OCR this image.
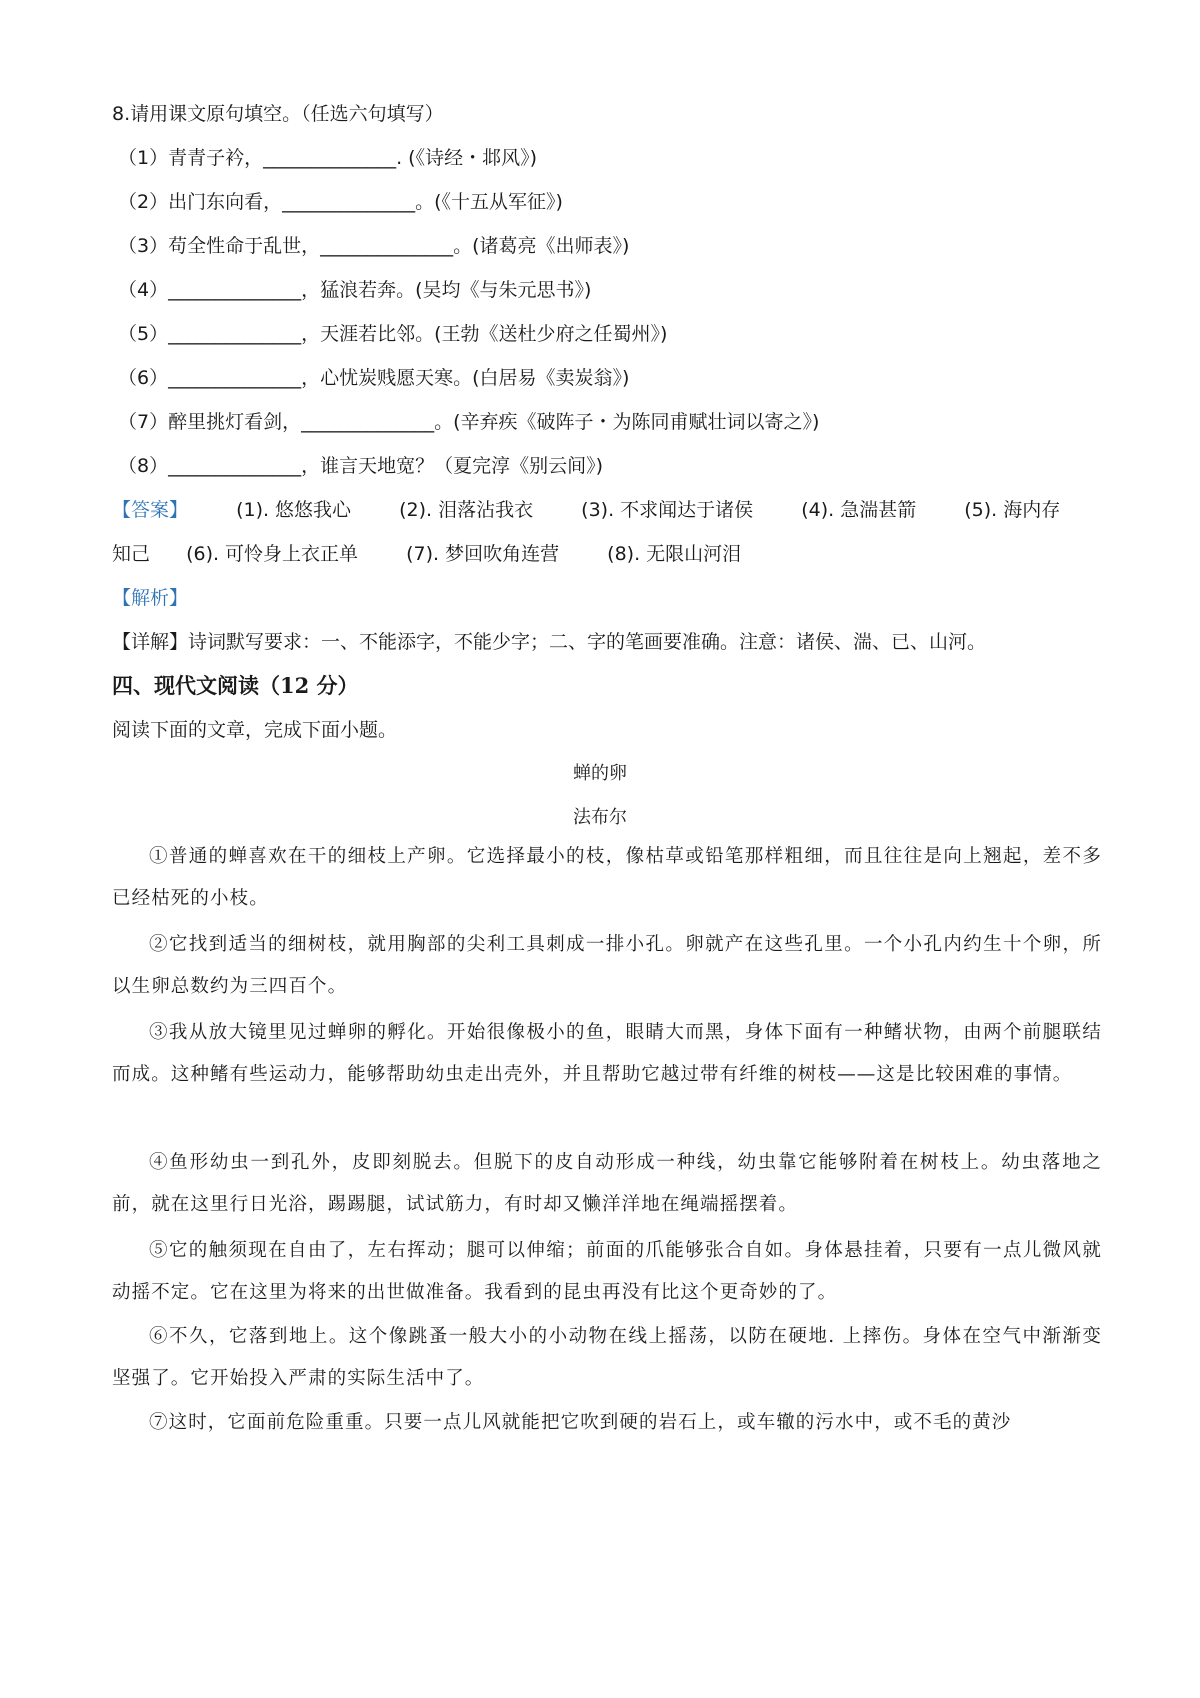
8.请用课文原句填空。（任选六句填写）
（1）青青子衿，______________. (《诗经・邶风》)
（2）出门东向看，______________。(《十五从军征》)
（3）苟全性命于乱世，______________。(诸葛亮《出师表》)
（4）______________，猛浪若奔。(吴均《与朱元思书》)
（5）______________，天涯若比邻。(王勃《送杜少府之任蜀州》)
（6）______________，心忧炭贱愿天寒。(白居易《卖炭翁》)
（7）醉里挑灯看剑，______________。(辛弃疾《破阵子・为陈同甫赋壮词以寄之》)
（8）______________，谁言天地宽？（夏完淳《别云间》)
【答案】	(1). 悠悠我心	(2). 泪落沾我衣	(3). 不求闻达于诸侯	(4). 急湍甚箭	(5). 海内存
知己 (6). 可怜身上衣正单	(7). 梦回吹角连营	(8). 无限山河泪
【解析】
【详解】诗词默写要求：一、不能添字，不能少字；二、字的笔画要准确。注意：诸侯、湍、已、山河。
四、现代文阅读（12 分）
阅读下面的文章，完成下面小题。
蝉的卵
法布尔
①普通的蝉喜欢在干的细枝上产卵。它选择最小的枝，像枯草或铅笔那样粗细，而且往往是向上翘起，差不多已经枯死的小枝。
②它找到适当的细树枝，就用胸部的尖利工具刺成一排小孔。卵就产在这些孔里。一个小孔内约生十个卵，所以生卵总数约为三四百个。
③我从放大镜里见过蝉卵的孵化。开始很像极小的鱼，眼睛大而黑，身体下面有一种鳍状物，由两个前腿联结而成。这种鳍有些运动力，能够帮助幼虫走出壳外，并且帮助它越过带有纤维的树枝——这是比较困难的事情。
④鱼形幼虫一到孔外，皮即刻脱去。但脱下的皮自动形成一种线，幼虫靠它能够附着在树枝上。幼虫落地之前，就在这里行日光浴，踢踢腿，试试筋力，有时却又懒洋洋地在绳端摇摆着。
⑤它的触须现在自由了，左右挥动；腿可以伸缩；前面的爪能够张合自如。身体悬挂着，只要有一点儿微风就动摇不定。它在这里为将来的出世做准备。我看到的昆虫再没有比这个更奇妙的了。
⑥不久，它落到地上。这个像跳蚤一般大小的小动物在线上摇荡，以防在硬地. 上摔伤。身体在空气中渐渐变坚强了。它开始投入严肃的实际生活中了。
⑦这时，它面前危险重重。只要一点儿风就能把它吹到硬的岩石上，或车辙的污水中，或不毛的黄沙
